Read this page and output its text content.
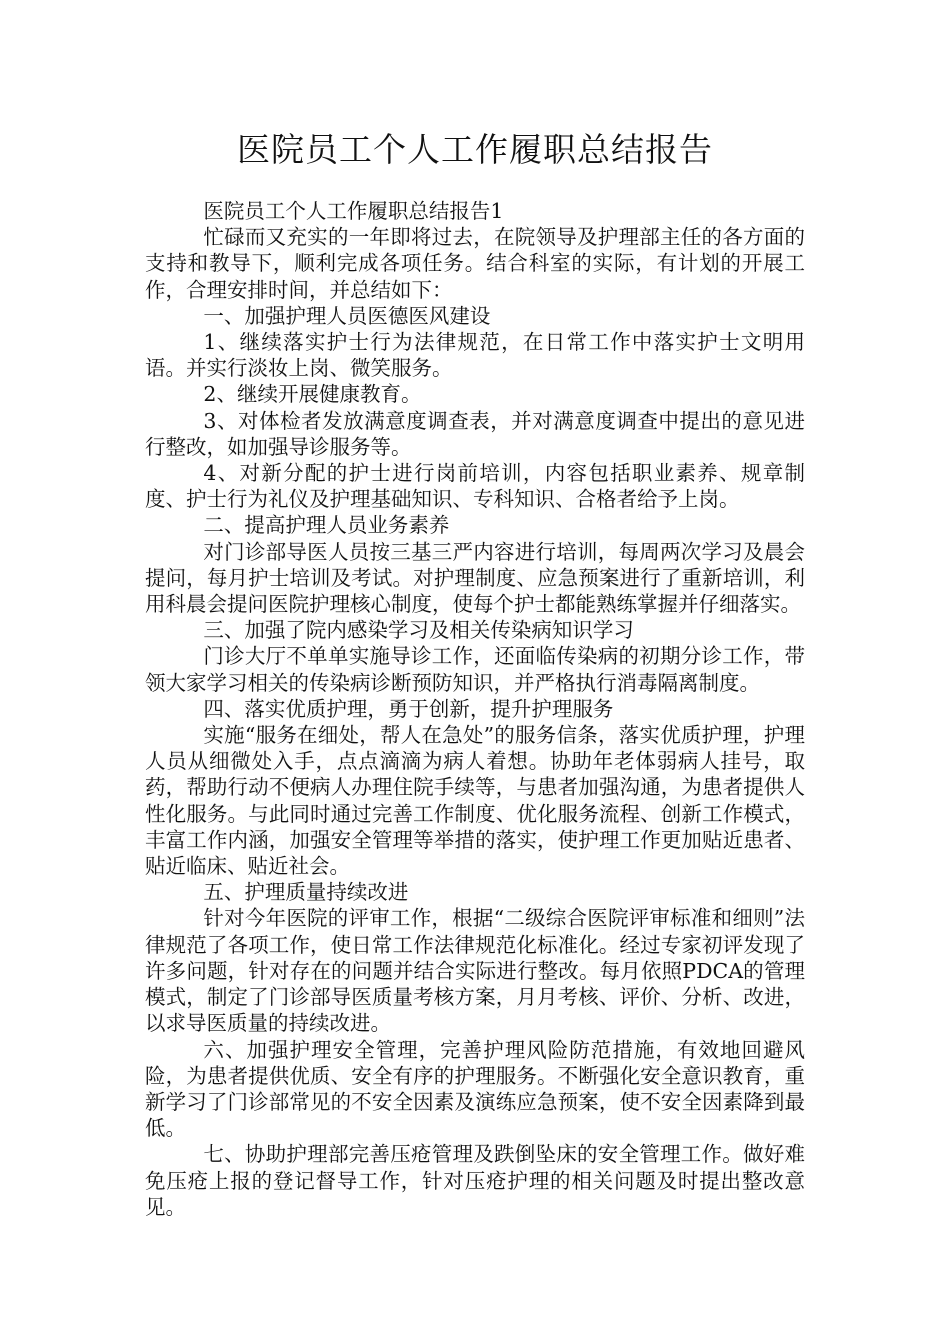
医院员工个人工作履职总结报告

医院员工个人工作履职总结报告1

忙碌而又充实的一年即将过去，在院领导及护理部主任的各方面的支持和教导下，顺利完成各项任务。结合科室的实际，有计划的开展工作，合理安排时间，并总结如下：

一、加强护理人员医德医风建设

1、继续落实护士行为法律规范，在日常工作中落实护士文明用语。并实行淡妆上岗、微笑服务。

2、继续开展健康教育。

3、对体检者发放满意度调查表，并对满意度调查中提出的意见进行整改，如加强导诊服务等。

4、对新分配的护士进行岗前培训，内容包括职业素养、规章制度、护士行为礼仪及护理基础知识、专科知识、合格者给予上岗。

二、提高护理人员业务素养

对门诊部导医人员按三基三严内容进行培训，每周两次学习及晨会提问，每月护士培训及考试。对护理制度、应急预案进行了重新培训，利用科晨会提问医院护理核心制度，使每个护士都能熟练掌握并仔细落实。

三、加强了院内感染学习及相关传染病知识学习

门诊大厅不单单实施导诊工作，还面临传染病的初期分诊工作，带领大家学习相关的传染病诊断预防知识，并严格执行消毒隔离制度。

四、落实优质护理，勇于创新，提升护理服务

实施“服务在细处，帮人在急处”的服务信条，落实优质护理，护理人员从细微处入手，点点滴滴为病人着想。协助年老体弱病人挂号，取药，帮助行动不便病人办理住院手续等，与患者加强沟通，为患者提供人性化服务。与此同时通过完善工作制度、优化服务流程、创新工作模式，丰富工作内涵，加强安全管理等举措的落实，使护理工作更加贴近患者、贴近临床、贴近社会。

五、护理质量持续改进

针对今年医院的评审工作，根据“二级综合医院评审标准和细则”法律规范了各项工作，使日常工作法律规范化标准化。经过专家初评发现了许多问题，针对存在的问题并结合实际进行整改。每月依照PDCA的管理模式，制定了门诊部导医质量考核方案，月月考核、评价、分析、改进，以求导医质量的持续改进。

六、加强护理安全管理，完善护理风险防范措施，有效地回避风险，为患者提供优质、安全有序的护理服务。不断强化安全意识教育，重新学习了门诊部常见的不安全因素及演练应急预案，使不安全因素降到最低。

七、协助护理部完善压疮管理及跌倒坠床的安全管理工作。做好难免压疮上报的登记督导工作，针对压疮护理的相关问题及时提出整改意见。
